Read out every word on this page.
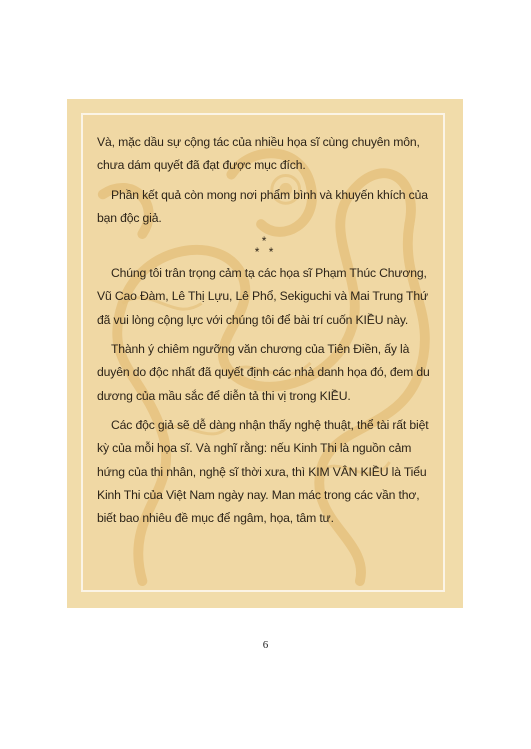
Và, mặc dầu sự cộng tác của nhiều họa sĩ cùng chuyên môn, chưa dám quyết đã đạt được mục đích.

Phần kết quả còn mong nơi phẩm bình và khuyến khích của bạn độc giả.

*
*   *

Chúng tôi trân trọng cảm tạ các họa sĩ Phạm Thúc Chương, Vũ Cao Đàm, Lê Thị Lựu, Lê Phổ, Sekiguchi và Mai Trung Thứ đã vui lòng cộng lực với chúng tôi để bài trí cuốn KIỀU này.

Thành ý chiêm ngưỡng văn chương của Tiên Điền, ấy là duyên do độc nhất đã quyết định các nhà danh họa đó, đem du dương của mầu sắc để diễn tả thi vị trong KIỀU.

Các độc giả sẽ dễ dàng nhận thấy nghệ thuật, thể tài rất biệt kỳ của mỗi họa sĩ. Và nghĩ rằng: nếu Kinh Thi là nguồn cảm hứng của thi nhân, nghệ sĩ thời xưa, thì KIM VÂN KIỀU là Tiểu Kinh Thi của Việt Nam ngày nay. Man mác trong các vần thơ, biết bao nhiêu đề mục để ngâm, họa, tâm tư.

6
